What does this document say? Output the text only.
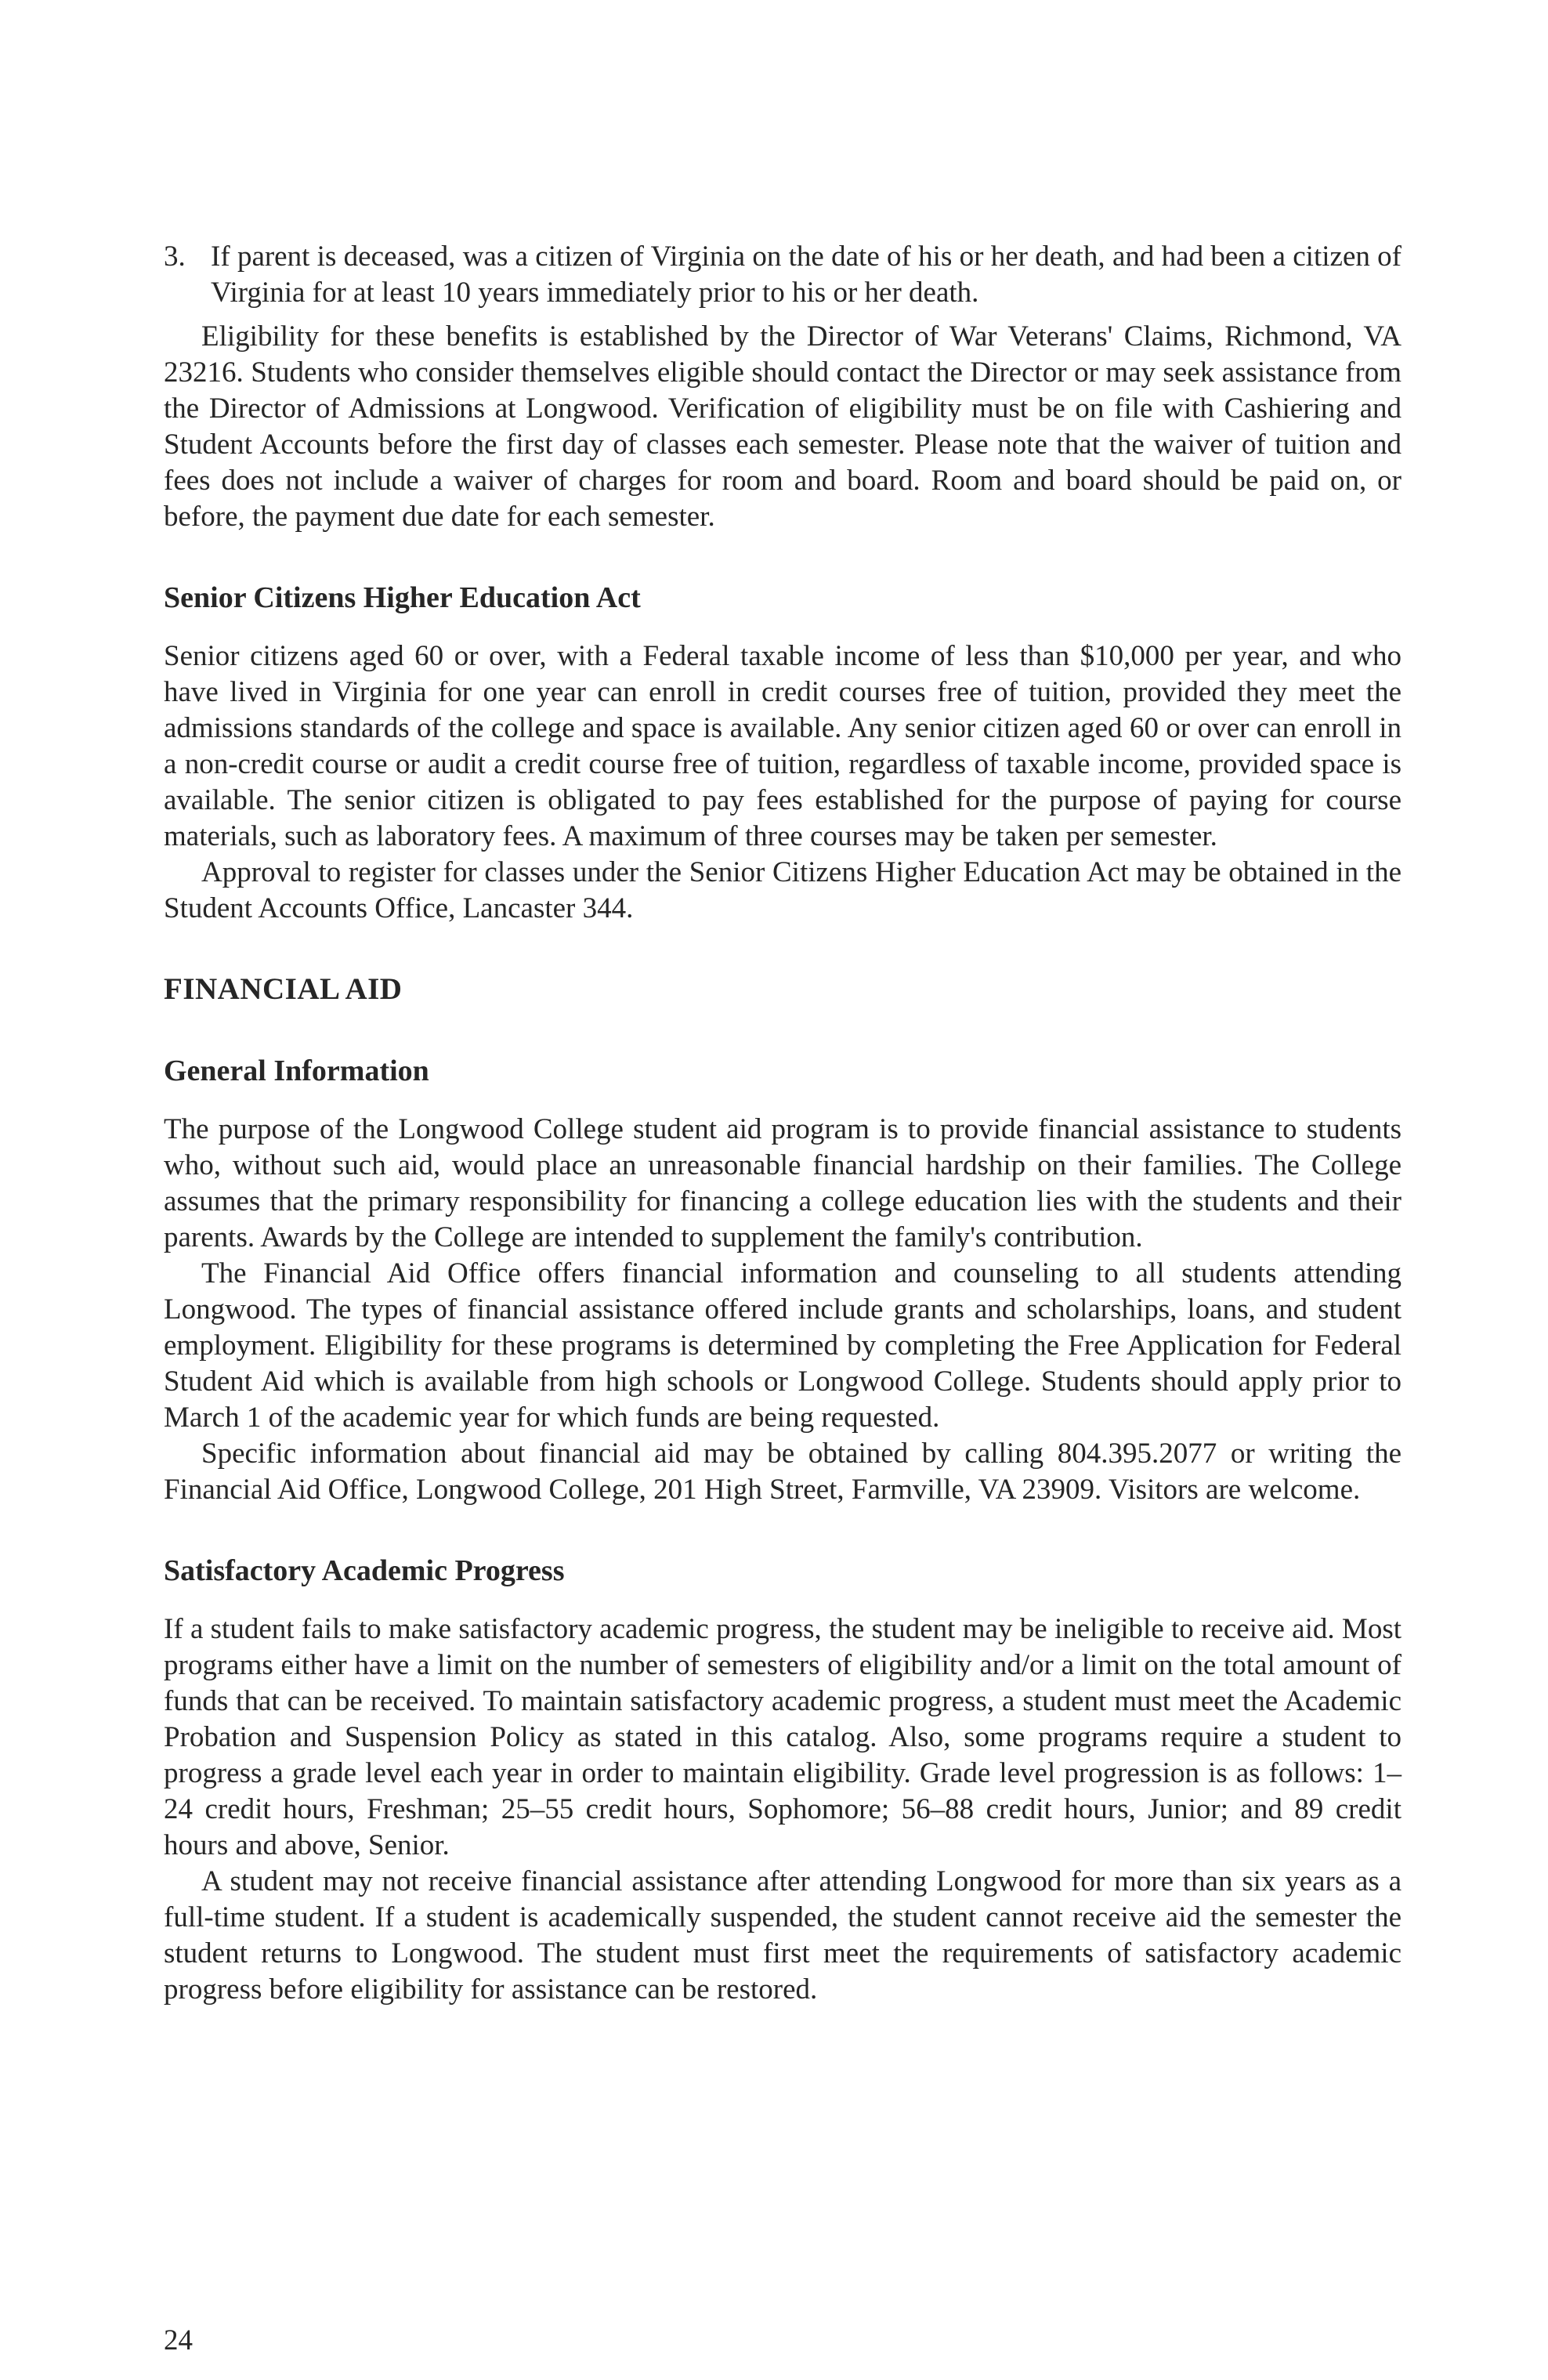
3. If parent is deceased, was a citizen of Virginia on the date of his or her death, and had been a citizen of Virginia for at least 10 years immediately prior to his or her death.

Eligibility for these benefits is established by the Director of War Veterans' Claims, Richmond, VA 23216. Students who consider themselves eligible should contact the Director or may seek assistance from the Director of Admissions at Longwood. Verification of eligibility must be on file with Cashiering and Student Accounts before the first day of classes each semester. Please note that the waiver of tuition and fees does not include a waiver of charges for room and board. Room and board should be paid on, or before, the payment due date for each semester.

Senior Citizens Higher Education Act

Senior citizens aged 60 or over, with a Federal taxable income of less than $10,000 per year, and who have lived in Virginia for one year can enroll in credit courses free of tuition, provided they meet the admissions standards of the college and space is available. Any senior citizen aged 60 or over can enroll in a non-credit course or audit a credit course free of tuition, regardless of taxable income, provided space is available. The senior citizen is obligated to pay fees established for the purpose of paying for course materials, such as laboratory fees. A maximum of three courses may be taken per semester.

Approval to register for classes under the Senior Citizens Higher Education Act may be obtained in the Student Accounts Office, Lancaster 344.

FINANCIAL AID
General Information

The purpose of the Longwood College student aid program is to provide financial assistance to students who, without such aid, would place an unreasonable financial hardship on their families. The College assumes that the primary responsibility for financing a college education lies with the students and their parents. Awards by the College are intended to supplement the family's contribution.

The Financial Aid Office offers financial information and counseling to all students attending Longwood. The types of financial assistance offered include grants and scholarships, loans, and student employment. Eligibility for these programs is determined by completing the Free Application for Federal Student Aid which is available from high schools or Longwood College. Students should apply prior to March 1 of the academic year for which funds are being requested.

Specific information about financial aid may be obtained by calling 804.395.2077 or writing the Financial Aid Office, Longwood College, 201 High Street, Farmville, VA 23909. Visitors are welcome.

Satisfactory Academic Progress

If a student fails to make satisfactory academic progress, the student may be ineligible to receive aid. Most programs either have a limit on the number of semesters of eligibility and/or a limit on the total amount of funds that can be received. To maintain satisfactory academic progress, a student must meet the Academic Probation and Suspension Policy as stated in this catalog. Also, some programs require a student to progress a grade level each year in order to maintain eligibility. Grade level progression is as follows: 1–24 credit hours, Freshman; 25–55 credit hours, Sophomore; 56–88 credit hours, Junior; and 89 credit hours and above, Senior.

A student may not receive financial assistance after attending Longwood for more than six years as a full-time student. If a student is academically suspended, the student cannot receive aid the semester the student returns to Longwood. The student must first meet the requirements of satisfactory academic progress before eligibility for assistance can be restored.

24
